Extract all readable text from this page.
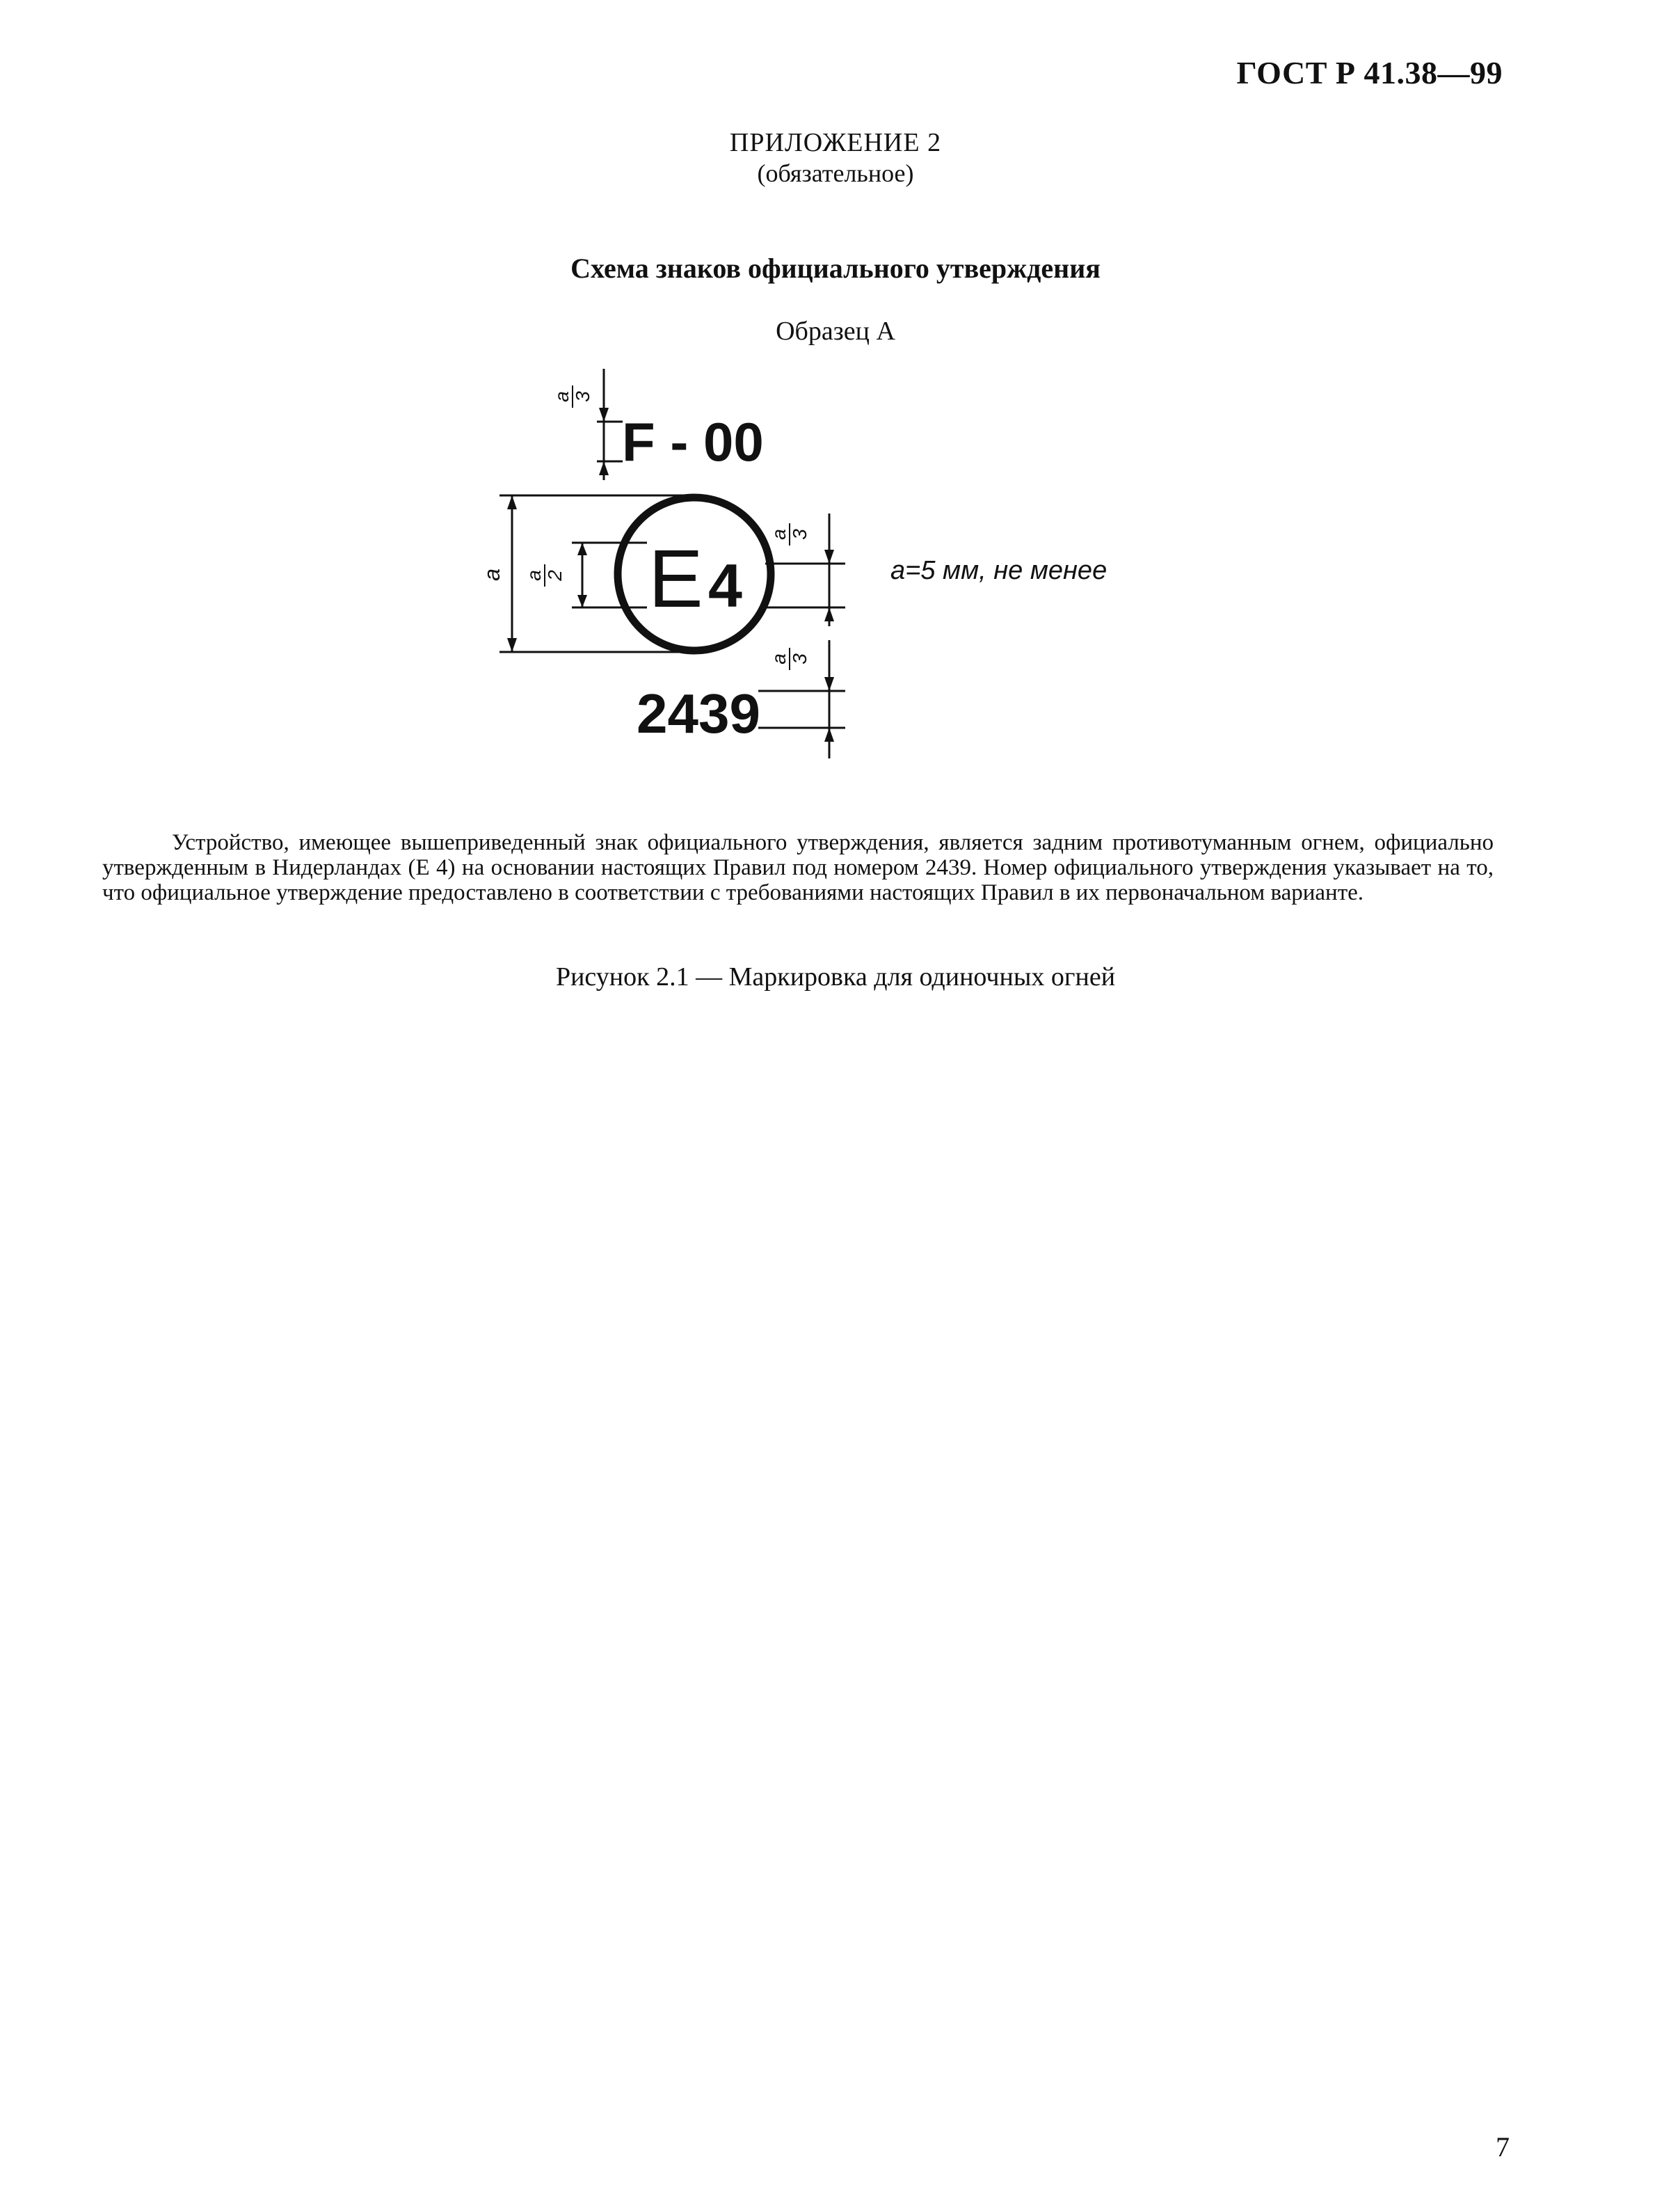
ГОСТ Р 41.38—99
ПРИЛОЖЕНИЕ 2
(обязательное)
Схема знаков официального утверждения
Образец А
F - 00
E 4
2439
a
a 3
a 2
a 3
a 3
a=5 мм, не менее
Устройство, имеющее вышеприведенный знак официального утверждения, является задним противотуманным огнем, официально утвержденным в Нидерландах (Е 4) на основании настоящих Правил под номером 2439. Номер официального утверждения указывает на то, что официальное утверждение предоставлено в соответствии с требованиями настоящих Правил в их первоначальном варианте.
Рисунок 2.1 — Маркировка для одиночных огней
7
